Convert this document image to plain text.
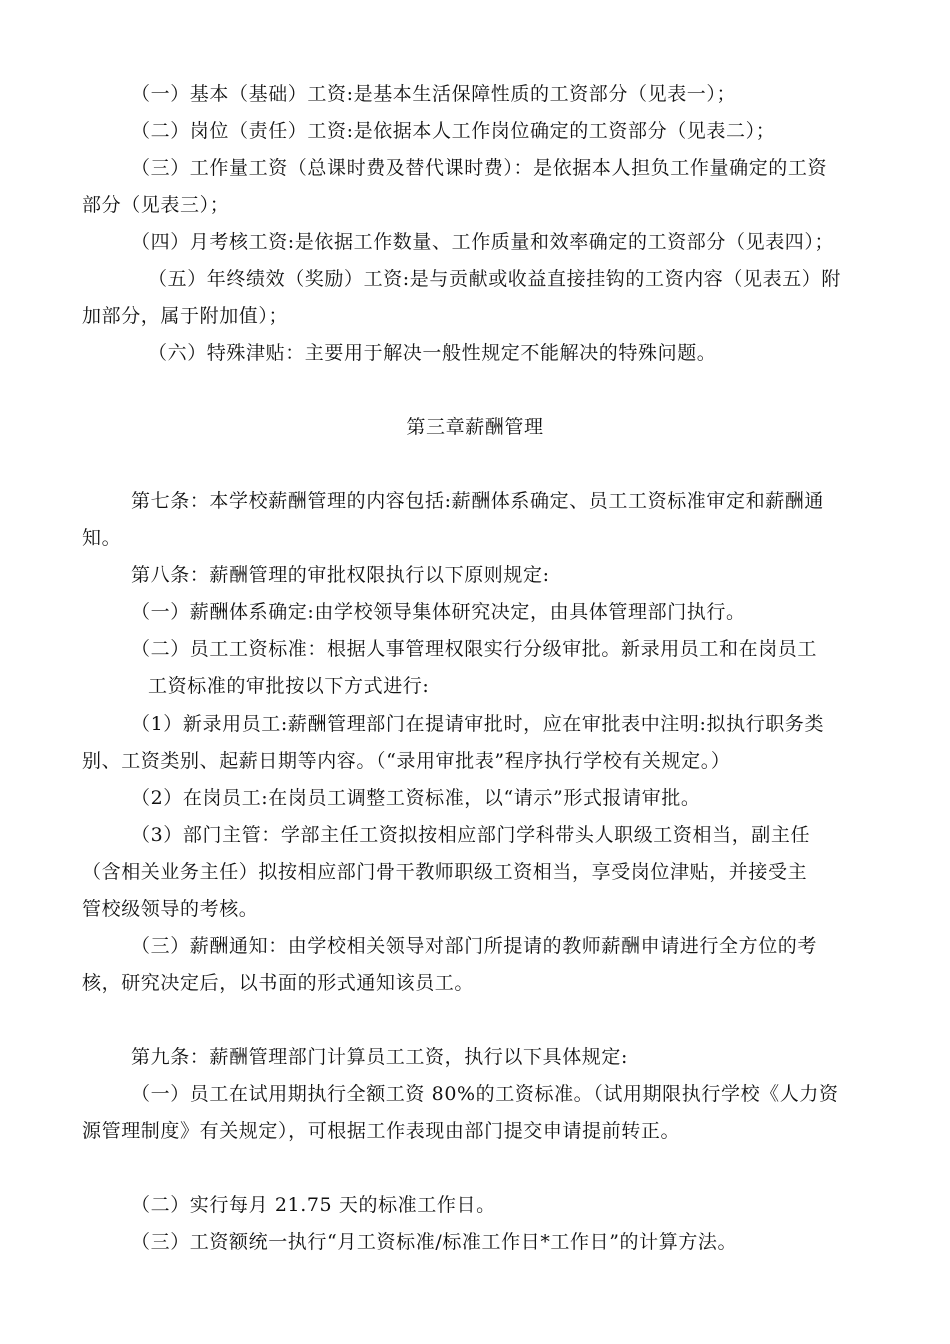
（一）基本（基础）工资:是基本生活保障性质的工资部分（见表一）；
（二）岗位（责任）工资:是依据本人工作岗位确定的工资部分（见表二）；
（三）工作量工资（总课时费及替代课时费）：是依据本人担负工作量确定的工资
部分（见表三）；
（四）月考核工资:是依据工作数量、工作质量和效率确定的工资部分（见表四）；
（五）年终绩效（奖励）工资:是与贡献或收益直接挂钩的工资内容（见表五）附
加部分，属于附加值）；
（六）特殊津贴：主要用于解决一般性规定不能解决的特殊问题。
第三章薪酬管理
第七条：本学校薪酬管理的内容包括:薪酬体系确定、员工工资标准审定和薪酬通
知。
第八条：薪酬管理的审批权限执行以下原则规定:
（一）薪酬体系确定:由学校领导集体研究决定，由具体管理部门执行。
（二）员工工资标准：根据人事管理权限实行分级审批。新录用员工和在岗员工
工资标准的审批按以下方式进行:
（1）新录用员工:薪酬管理部门在提请审批时，应在审批表中注明:拟执行职务类
别、工资类别、起薪日期等内容。（“录用审批表”程序执行学校有关规定。）
（2）在岗员工:在岗员工调整工资标准，以“请示”形式报请审批。
（3）部门主管：学部主任工资拟按相应部门学科带头人职级工资相当，副主任
（含相关业务主任）拟按相应部门骨干教师职级工资相当，享受岗位津贴，并接受主
管校级领导的考核。
（三）薪酬通知：由学校相关领导对部门所提请的教师薪酬申请进行全方位的考
核，研究决定后，以书面的形式通知该员工。
第九条：薪酬管理部门计算员工工资，执行以下具体规定:
（一）员工在试用期执行全额工资 80%的工资标准。（试用期限执行学校《人力资
源管理制度》有关规定），可根据工作表现由部门提交申请提前转正。
（二）实行每月 21.75 天的标准工作日。
（三）工资额统一执行“月工资标准/标准工作日*工作日”的计算方法。
